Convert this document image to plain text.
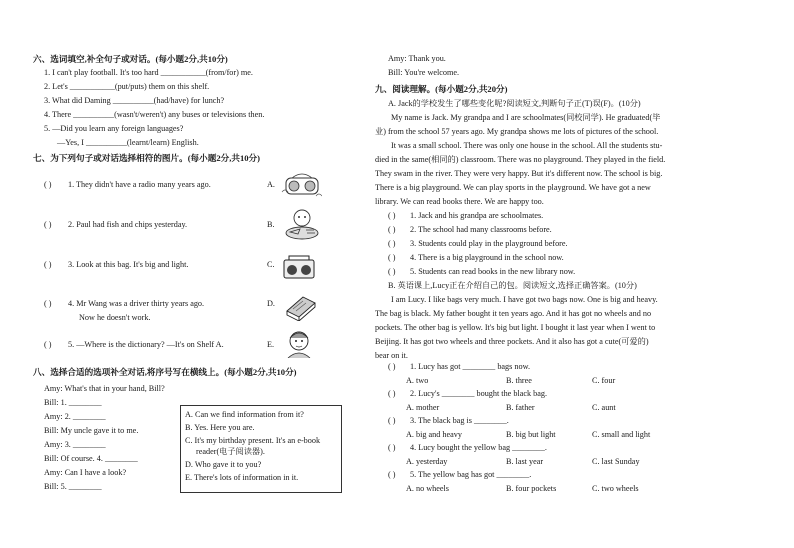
六、选词填空,补全句子或对话。(每小题2分,共10分)
1. I can't play football. It's too hard ___________(from/for) me.
2. Let's ___________(put/puts) them on this shelf.
3. What did Daming __________(had/have) for lunch?
4. There __________(wasn't/weren't) any buses or televisions then.
5. —Did you learn any foreign languages?
—Yes, I __________(learnt/learn) English.
七、为下列句子或对话选择相符的图片。(每小题2分,共10分)
( ) 1. They didn't have a radio many years ago.	A.
( ) 2. Paul had fish and chips yesterday.	B.
( ) 3. Look at this bag. It's big and light.	C.
( ) 4. Mr Wang was a driver thirty years ago.	D.
Now he doesn't work.
( ) 5. —Where is the dictionary? —It's on Shelf A.	E.
八、选择合适的选项补全对话,将序号写在横线上。(每小题2分,共10分)
Amy: What's that in your hand, Bill?
Bill: 1. ________
Amy: 2. ________
Bill: My uncle gave it to me.
Amy: 3. ________
Bill: Of course. 4. ________
Amy: Can I have a look?
Bill: 5. ________
A. Can we find information from it?
B. Yes. Here you are.
C. It's my birthday present. It's an e-book
reader(电子阅读器).
D. Who gave it to you?
E. There's lots of information in it.
Amy: Thank you.
Bill: You're welcome.
九、阅读理解。(每小题2分,共20分)
A. Jack的学校发生了哪些变化呢?阅读短文,判断句子正(T)误(F)。(10分)
My name is Jack. My grandpa and I are schoolmates(同校同学). He graduated(毕
业) from the school 57 years ago. My grandpa shows me lots of pictures of the school.
It was a small school. There was only one house in the school. All the students stu-
died in the same(相同的) classroom. There was no playground. They played in the field.
They swam in the river. They were very happy. But it's different now. The school is big.
There is a big playground. We can play sports in the playground. We have got a new
library. We can read books there. We are happy too.
( ) 1. Jack and his grandpa are schoolmates.
( ) 2. The school had many classrooms before.
( ) 3. Students could play in the playground before.
( ) 4. There is a big playground in the school now.
( ) 5. Students can read books in the new library now.
B. 英语课上,Lucy正在介绍自己的包。阅读短文,选择正确答案。(10分)
I am Lucy. I like bags very much. I have got two bags now. One is big and heavy.
The bag is black. My father bought it ten years ago. And it has got no wheels and no
pockets. The other bag is yellow. It's big but light. I bought it last year when I went to
Beijing. It has got two wheels and three pockets. And it also has got a cute(可爱的)
bear on it.
( ) 1. Lucy has got ________ bags now.
A. two	B. three	C. four
( ) 2. Lucy's ________ bought the black bag.
A. mother	B. father	C. aunt
( ) 3. The black bag is ________.
A. big and heavy	B. big but light	C. small and light
( ) 4. Lucy bought the yellow bag ________.
A. yesterday	B. last year	C. last Sunday
( ) 5. The yellow bag has got ________.
A. no wheels	B. four pockets	C. two wheels
